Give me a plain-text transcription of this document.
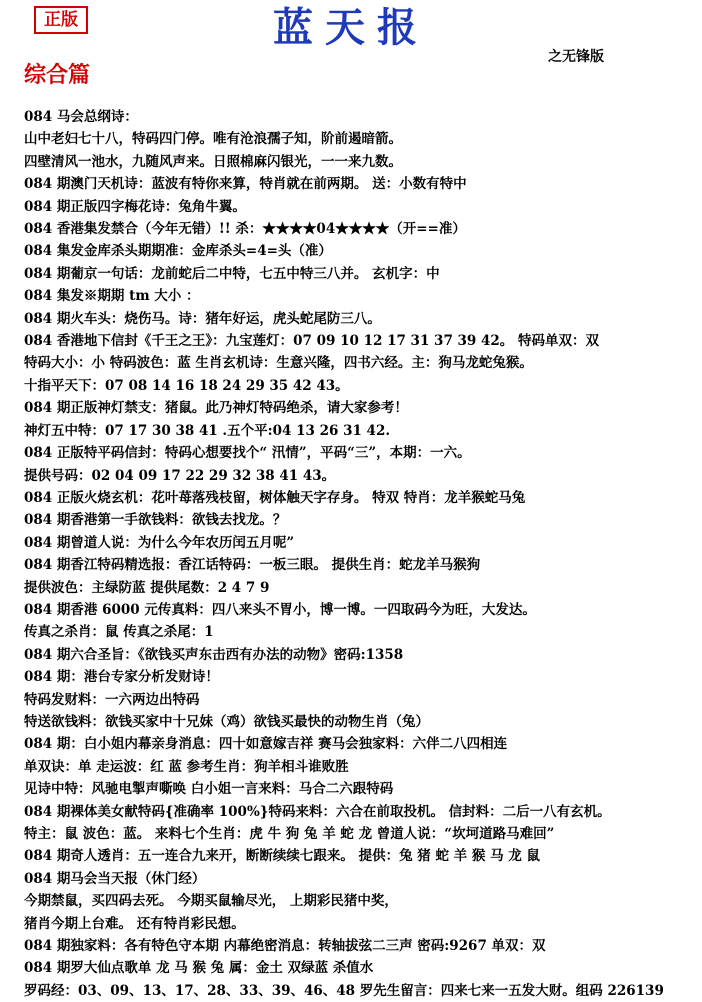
正版	蓝天报
之无锋版
综合篇
084 马会总纲诗：
山中老妇七十八，特码四门停。唯有沧浪孺子知，阶前遏暗箭。
四壁清风一池水，九随风声来。日照棉麻闪银光，一一来九数。
084 期澳门天机诗：蓝波有特你来算，特肖就在前两期。 送：小数有特中
084 期正版四字梅花诗：兔角牛翼。
084 香港集发禁合（今年无错）!! 杀：★★★★04★★★★（开==准）
084 集发金库杀头期期准：金库杀头=4=头（准）
084 期葡京一句话：龙前蛇后二中特，七五中特三八并。 玄机字：中
084 集发※期期 tm 大小 ：
084 期火车头：烧伤马。诗：猪年好运，虎头蛇尾防三八。
084 香港地下信封《千王之王》：九宝莲灯：07 09 10 12 17 31 37 39 42。 特码单双：双
特码大小：小 特码波色：蓝 生肖玄机诗：生意兴隆，四书六经。主：狗马龙蛇兔猴。
十指平天下：07 08 14 16 18 24 29 35 42 43。
084 期正版神灯禁支：猪鼠。此乃神灯特码绝杀，请大家参考！
神灯五中特：07 17 30 38 41 .五个平:04 13 26 31 42.
084 正版特平码信封：特码心想要找个“ 汛情”，平码“三”，本期：一六。
提供号码：02 04 09 17 22 29 32 38 41 43。
084 正版火烧玄机：花叶苺落残枝留，树体触天字存身。 特双 特肖：龙羊猴蛇马兔
084 期香港第一手欲钱料：欲钱去找龙。？
084 期曾道人说：为什么今年农历闰五月呢”
084 期香江特码精选报：香江话特码：一板三眼。 提供生肖：蛇龙羊马猴狗
提供波色：主绿防蓝 提供尾数：2 4 7 9
084 期香港 6000 元传真料：四八来头不胃小，博一博。一四取码今为旺，大发达。
传真之杀肖：鼠 传真之杀尾：1
084 期六合圣旨：《欲钱买声东击西有办法的动物》密码:1358
084 期：港台专家分析发财诗！
特码发财料：一六两边出特码
特送欲钱料：欲钱买家中十兄妹（鸡）欲钱买最快的动物生肖（兔）
084 期：白小姐内幕亲身消息：四十如意嫁吉祥 赛马会独家料：六伴二八四相连
单双诀：单 走运波：红 蓝 参考生肖：狗羊相斗谁败胜
见诗中特：风驰电掣声嘶唤 白小姐一言来料：马合二六跟特码
084 期裸体美女献特码{准确率 100%}特码来料：六合在前取投机。 信封料：二后一八有玄机。
特主：鼠 波色：蓝。 来料七个生肖：虎 牛 狗 兔 羊 蛇 龙 曾道人说：“坎坷道路马难回”
084 期奇人透肖：五一连合九来开，断断续续七跟来。 提供：兔 猪 蛇 羊 猴 马 龙 鼠
084 期马会当天报（休门经）
今期禁鼠，买四码去死。 今期买鼠输尽光， 上期彩民猪中奖，
猪肖今期上台难。 还有特肖彩民想。
084 期独家料：各有特色守本期 内幕绝密消息：转轴拔弦二三声 密码:9267 单双：双
084 期罗大仙点歌单 龙 马 猴 兔 属：金土 双绿蓝 杀值水
罗码经：03、09、13、17、28、33、39、46、48 罗先生留言：四来七来一五发大财。组码 226139
